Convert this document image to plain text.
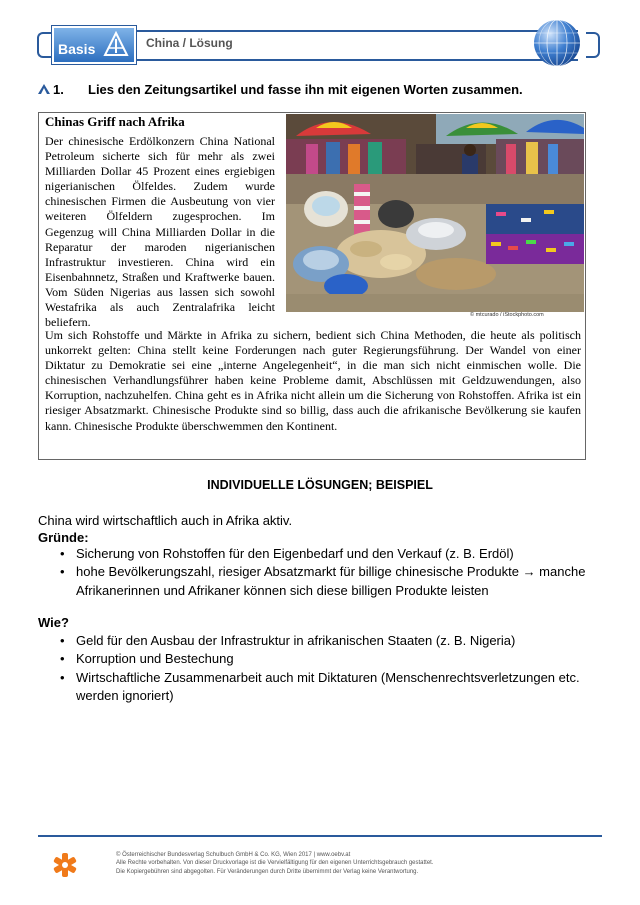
Basis	China / Lösung
1. Lies den Zeitungsartikel und fasse ihn mit eigenen Worten zusammen.
Chinas Griff nach Afrika
Der chinesische Erdölkonzern China National Petroleum sicherte sich für mehr als zwei Milliarden Dollar 45 Prozent eines ergiebigen nigerianischen Ölfeldes. Zudem wurde chinesischen Firmen die Ausbeutung von vier weiteren Ölfeldern zugesprochen. Im Gegenzug will China Milliarden Dollar in die Reparatur der maroden nigerianischen Infrastruktur investieren. China wird ein Eisenbahnnetz, Straßen und Kraftwerke bauen. Vom Süden Nigerias aus lassen sich sowohl Westafrika als auch Zentralafrika leicht beliefern.
© mtcurado / iStockphoto.com
Um sich Rohstoffe und Märkte in Afrika zu sichern, bedient sich China Methoden, die heute als politisch unkorrekt gelten: China stellt keine Forderungen nach guter Regierungsführung. Der Wandel von einer Diktatur zu Demokratie sei eine „interne Angelegenheit“, in die man sich nicht einmischen wolle. Die chinesischen Verhandlungsführer haben keine Probleme damit, Abschlüssen mit Geldzuwendungen, also Korruption, nachzuhelfen. China geht es in Afrika nicht allein um die Sicherung von Rohstoffen. Afrika ist ein riesiger Absatzmarkt. Chinesische Produkte sind so billig, dass auch die afrikanische Bevölkerung sie kaufen kann. Chinesische Produkte überschwemmen den Kontinent.
INDIVIDUELLE LÖSUNGEN; BEISPIEL
China wird wirtschaftlich auch in Afrika aktiv.
Gründe:
• Sicherung von Rohstoffen für den Eigenbedarf und den Verkauf (z. B. Erdöl)
• hohe Bevölkerungszahl, riesiger Absatzmarkt für billige chinesische Produkte → manche Afrikanerinnen und Afrikaner können sich diese billigen Produkte leisten
Wie?
• Geld für den Ausbau der Infrastruktur in afrikanischen Staaten (z. B. Nigeria)
• Korruption und Bestechung
• Wirtschaftliche Zusammenarbeit auch mit Diktaturen (Menschenrechtsverletzungen etc. werden ignoriert)
© Österreichischer Bundesverlag Schulbuch GmbH & Co. KG, Wien 2017 | www.oebv.at
Alle Rechte vorbehalten. Von dieser Druckvorlage ist die Vervielfältigung für den eigenen Unterrichtsgebrauch gestattet.
Die Kopiergebühren sind abgegolten. Für Veränderungen durch Dritte übernimmt der Verlag keine Verantwortung.
